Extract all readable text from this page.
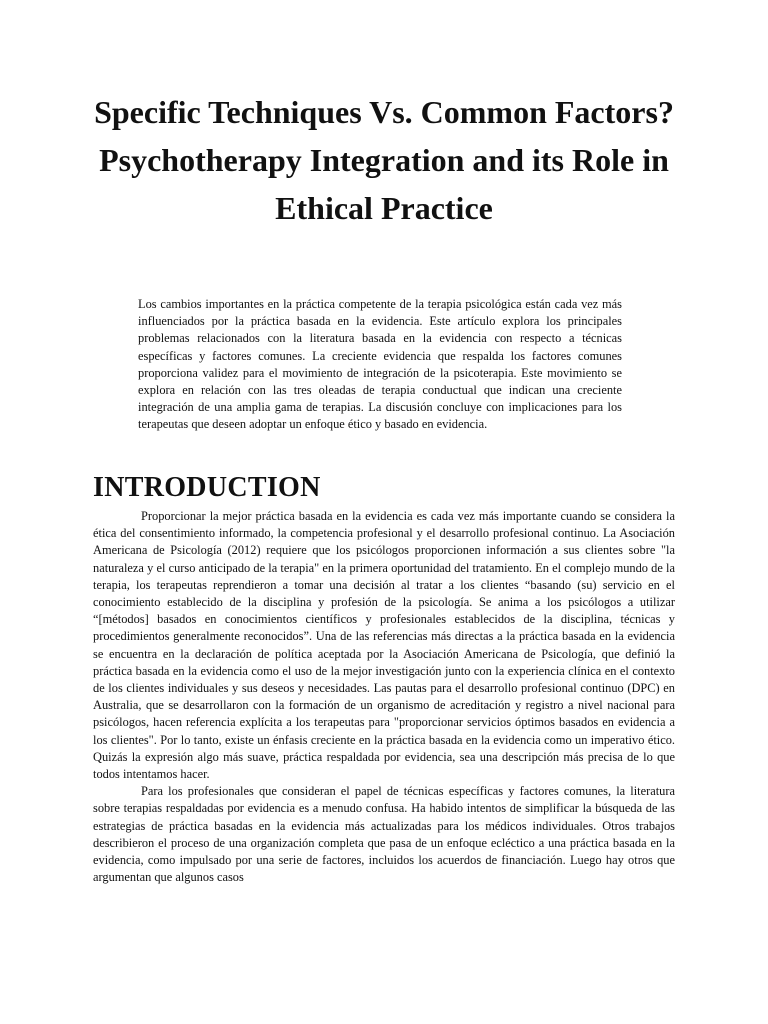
Specific Techniques Vs. Common Factors? Psychotherapy Integration and its Role in Ethical Practice

Los cambios importantes en la práctica competente de la terapia psicológica están cada vez más influenciados por la práctica basada en la evidencia. Este artículo explora los principales problemas relacionados con la literatura basada en la evidencia con respecto a técnicas específicas y factores comunes. La creciente evidencia que respalda los factores comunes proporciona validez para el movimiento de integración de la psicoterapia. Este movimiento se explora en relación con las tres oleadas de terapia conductual que indican una creciente integración de una amplia gama de terapias. La discusión concluye con implicaciones para los terapeutas que deseen adoptar un enfoque ético y basado en evidencia.

INTRODUCTION

Proporcionar la mejor práctica basada en la evidencia es cada vez más importante cuando se considera la ética del consentimiento informado, la competencia profesional y el desarrollo profesional continuo. La Asociación Americana de Psicología (2012) requiere que los psicólogos proporcionen información a sus clientes sobre "la naturaleza y el curso anticipado de la terapia" en la primera oportunidad del tratamiento. En el complejo mundo de la terapia, los terapeutas reprendieron a tomar una decisión al tratar a los clientes “basando (su) servicio en el conocimiento establecido de la disciplina y profesión de la psicología. Se anima a los psicólogos a utilizar “[métodos] basados en conocimientos científicos y profesionales establecidos de la disciplina, técnicas y procedimientos generalmente reconocidos”. Una de las referencias más directas a la práctica basada en la evidencia se encuentra en la declaración de política aceptada por la Asociación Americana de Psicología, que definió la práctica basada en la evidencia como el uso de la mejor investigación junto con la experiencia clínica en el contexto de los clientes individuales y sus deseos y necesidades. Las pautas para el desarrollo profesional continuo (DPC) en Australia, que se desarrollaron con la formación de un organismo de acreditación y registro a nivel nacional para psicólogos, hacen referencia explícita a los terapeutas para "proporcionar servicios óptimos basados en evidencia a los clientes". Por lo tanto, existe un énfasis creciente en la práctica basada en la evidencia como un imperativo ético. Quizás la expresión algo más suave, práctica respaldada por evidencia, sea una descripción más precisa de lo que todos intentamos hacer.

Para los profesionales que consideran el papel de técnicas específicas y factores comunes, la literatura sobre terapias respaldadas por evidencia es a menudo confusa. Ha habido intentos de simplificar la búsqueda de las estrategias de práctica basadas en la evidencia más actualizadas para los médicos individuales. Otros trabajos describieron el proceso de una organización completa que pasa de un enfoque ecléctico a una práctica basada en la evidencia, como impulsado por una serie de factores, incluidos los acuerdos de financiación. Luego hay otros que argumentan que algunos casos
